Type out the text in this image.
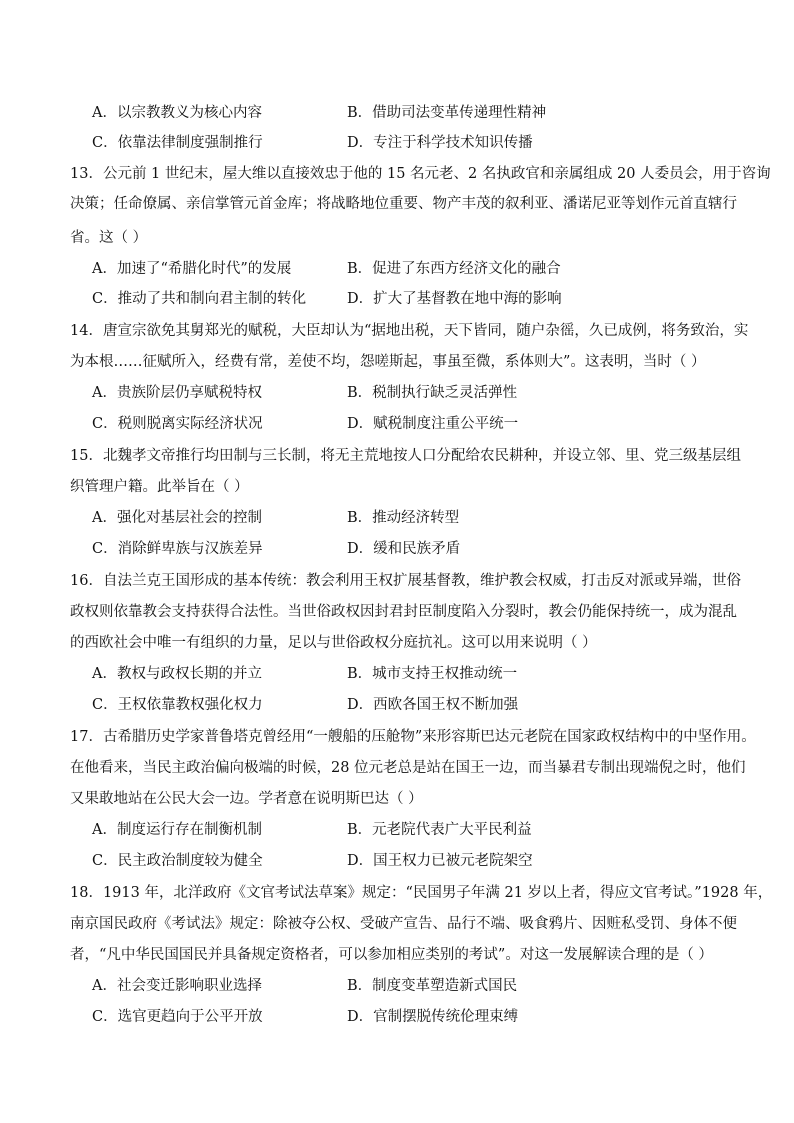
A．以宗教教义为核心内容	B．借助司法变革传递理性精神
C．依靠法律制度强制推行	D．专注于科学技术知识传播
13．公元前 1 世纪末，屋大维以直接效忠于他的 15 名元老、2 名执政官和亲属组成 20 人委员会，用于咨询
决策；任命僚属、亲信掌管元首金库；将战略地位重要、物产丰茂的叙利亚、潘诺尼亚等划作元首直辖行
省。这（ ）
A．加速了“希腊化时代”的发展	B．促进了东西方经济文化的融合
C．推动了共和制向君主制的转化	D．扩大了基督教在地中海的影响
14．唐宣宗欲免其舅郑光的赋税，大臣却认为“据地出税，天下皆同，随户杂徭，久已成例，将务致治，实
为本根……征赋所入，经费有常，差使不均，怨嗟斯起，事虽至微，系体则大”。这表明，当时（ ）
A．贵族阶层仍享赋税特权	B．税制执行缺乏灵活弹性
C．税则脱离实际经济状况	D．赋税制度注重公平统一
15．北魏孝文帝推行均田制与三长制，将无主荒地按人口分配给农民耕种，并设立邻、里、党三级基层组
织管理户籍。此举旨在（ ）
A．强化对基层社会的控制	B．推动经济转型
C．消除鲜卑族与汉族差异	D．缓和民族矛盾
16．自法兰克王国形成的基本传统：教会利用王权扩展基督教，维护教会权威，打击反对派或异端，世俗
政权则依靠教会支持获得合法性。当世俗政权因封君封臣制度陷入分裂时，教会仍能保持统一，成为混乱
的西欧社会中唯一有组织的力量，足以与世俗政权分庭抗礼。这可以用来说明（ ）
A．教权与政权长期的并立	B．城市支持王权推动统一
C．王权依靠教权强化权力	D．西欧各国王权不断加强
17．古希腊历史学家普鲁塔克曾经用“一艘船的压舱物”来形容斯巴达元老院在国家政权结构中的中坚作用。
在他看来，当民主政治偏向极端的时候，28 位元老总是站在国王一边，而当暴君专制出现端倪之时，他们
又果敢地站在公民大会一边。学者意在说明斯巴达（ ）
A．制度运行存在制衡机制	B．元老院代表广大平民利益
C．民主政治制度较为健全	D．国王权力已被元老院架空
18．1913 年，北洋政府《文官考试法草案》规定：“民国男子年满 21 岁以上者，得应文官考试。”1928 年，
南京国民政府《考试法》规定：除被夺公权、受破产宣告、品行不端、吸食鸦片、因赃私受罚、身体不便
者，“凡中华民国国民并具备规定资格者，可以参加相应类别的考试”。对这一发展解读合理的是（ ）
A．社会变迁影响职业选择	B．制度变革塑造新式国民
C．选官更趋向于公平开放	D．官制摆脱传统伦理束缚
